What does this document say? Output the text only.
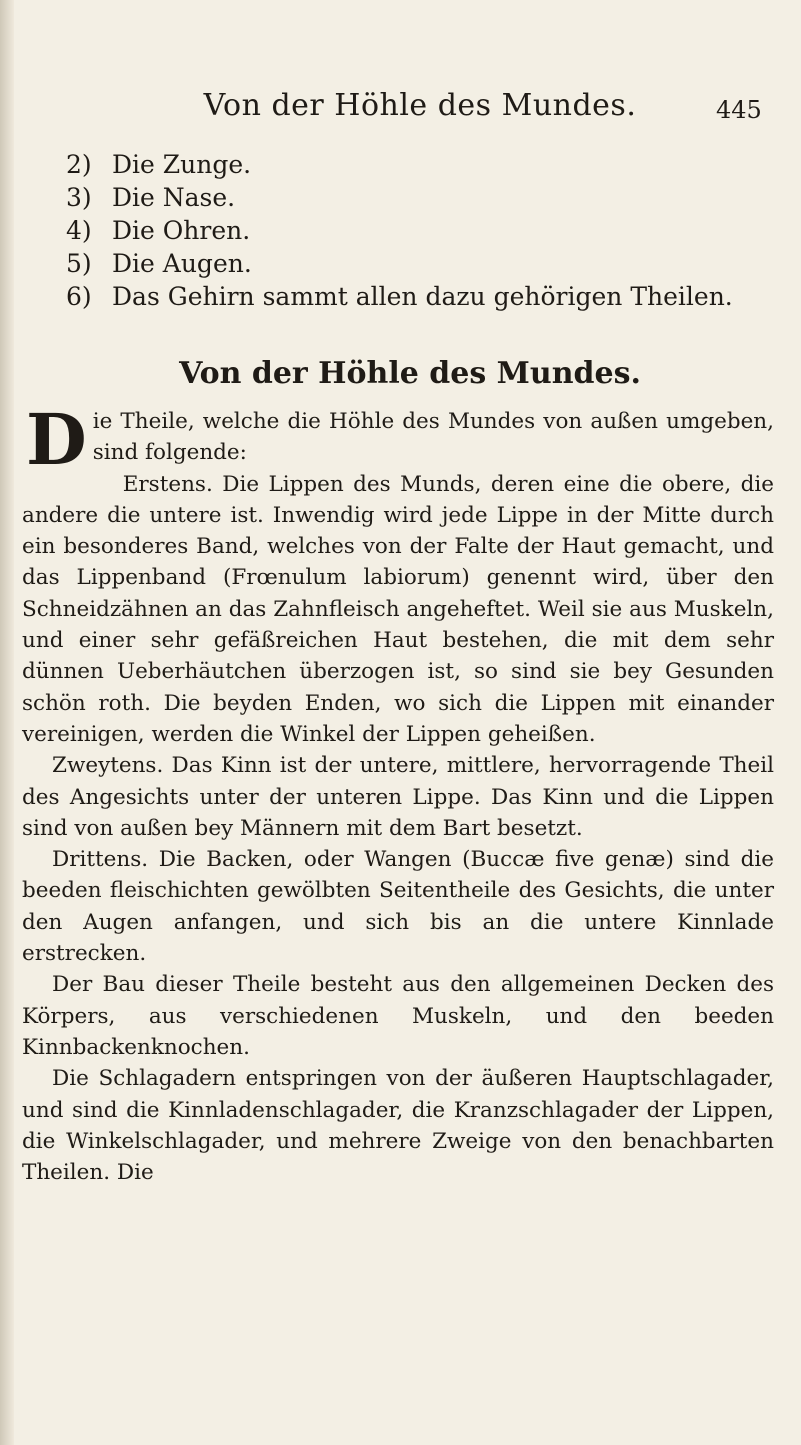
Von der Höhle des Mundes.	445
2) Die Zunge.
3) Die Nase.
4) Die Ohren.
5) Die Augen.
6) Das Gehirn sammt allen dazu gehörigen Theilen.
Von der Höhle des Mundes.

Die Theile, welche die Höhle des Mundes von außen umgeben, sind folgende:

Erstens. Die Lippen des Munds, deren eine die obere, die andere die untere ist. Inwendig wird jede Lippe in der Mitte durch ein besonderes Band, welches von der Falte der Haut gemacht, und das Lippenband (Frœnulum labiorum) genennt wird, über den Schneidzähnen an das Zahnfleisch angeheftet. Weil sie aus Muskeln, und einer sehr gefäßreichen Haut bestehen, die mit dem sehr dünnen Ueberhäutchen überzogen ist, so sind sie bey Gesunden schön roth. Die beyden Enden, wo sich die Lippen mit einander vereinigen, werden die Winkel der Lippen geheißen.

Zweytens. Das Kinn ist der untere, mittlere, hervorragende Theil des Angesichts unter der unteren Lippe. Das Kinn und die Lippen sind von außen bey Männern mit dem Bart besetzt.

Drittens. Die Backen, oder Wangen (Buccæ five genæ) sind die beeden fleischichten gewölbten Seitentheile des Gesichts, die unter den Augen anfangen, und sich bis an die untere Kinnlade erstrecken.

Der Bau dieser Theile besteht aus den allgemeinen Decken des Körpers, aus verschiedenen Muskeln, und den beeden Kinnbackenknochen.

Die Schlagadern entspringen von der äußeren Hauptschlagader, und sind die Kinnladenschlagader, die Kranzschlagader der Lippen, die Winkelschlagader, und mehrere Zweige von den benachbarten Theilen. Die
